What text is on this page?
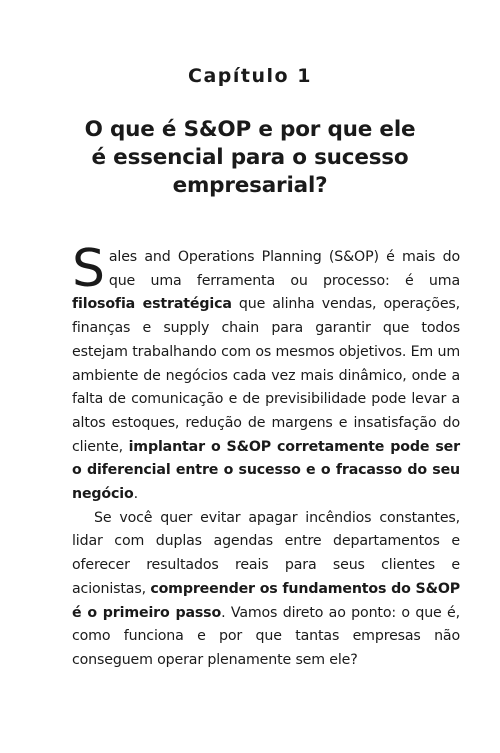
Capítulo 1
O que é S&OP e por que ele
é essencial para o sucesso
empresarial?

Sales and Operations Planning (S&OP) é mais do que uma ferramenta ou processo: é uma filosofia estratégica que alinha vendas, operações, finanças e supply chain para garantir que todos estejam trabalhando com os mesmos objetivos. Em um ambiente de negócios cada vez mais dinâmico, onde a falta de comunicação e de previsibilidade pode levar a altos estoques, redução de margens e insatisfação do cliente, implantar o S&OP corretamente pode ser o diferencial entre o sucesso e o fracasso do seu negócio.

Se você quer evitar apagar incêndios constantes, lidar com duplas agendas entre departamentos e oferecer resultados reais para seus clientes e acionistas, compreender os fundamentos do S&OP é o primeiro passo. Vamos direto ao ponto: o que é, como funciona e por que tantas empresas não conseguem operar plenamente sem ele?
